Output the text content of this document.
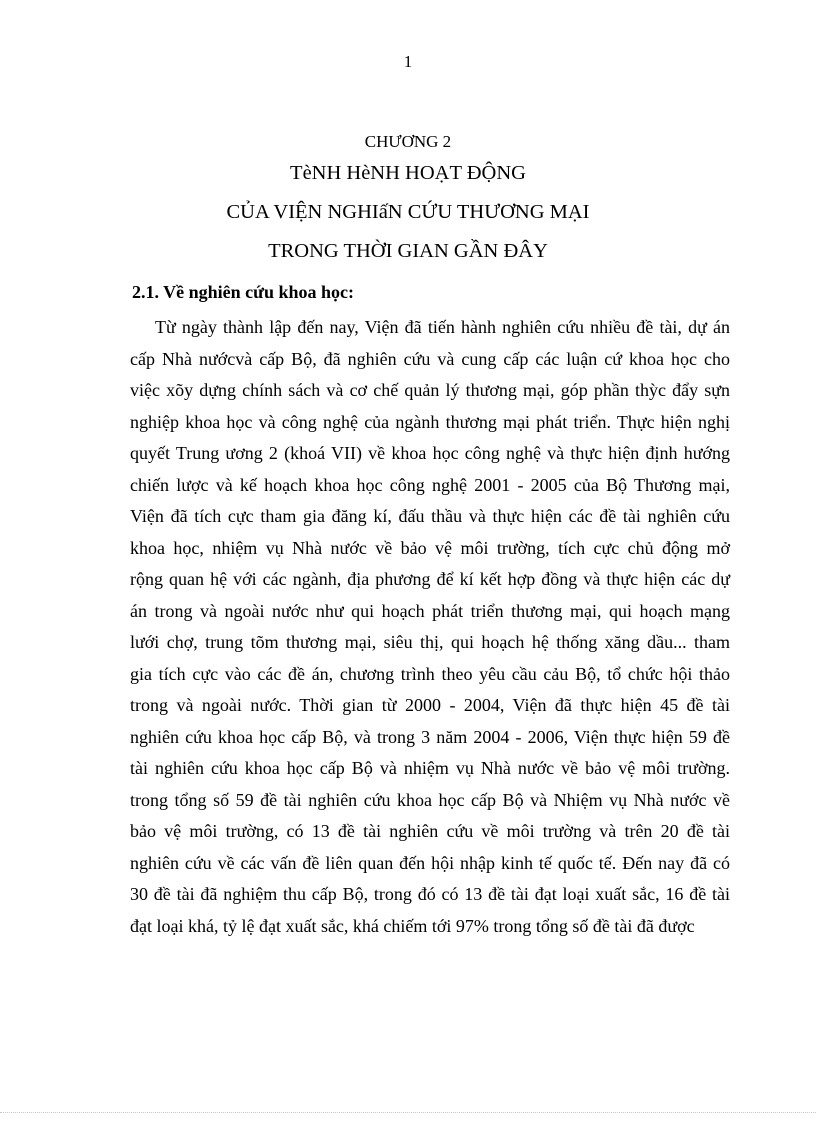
1
CHƯƠNG 2
TèNH HèNH HOẠT ĐỘNG
CỦA VIỆN NGHIấN CỨU THƯƠNG MẠI
TRONG THỜI GIAN GẦN ĐÂY
2.1. Về nghiên cứu khoa học:
Từ ngày thành lập đến nay, Viện đã tiến hành nghiên cứu nhiều đề tài, dự án
cấp Nhà nướcvà cấp Bộ, đã nghiên cứu và cung cấp các luận cứ khoa học cho
việc xõy dựng chính sách và cơ chế quản lý thương mại, góp phần thỳc đẩy sựn
nghiệp khoa học và công nghệ của ngành thương mại phát triển. Thực hiện nghị
quyết Trung ương 2 (khoá VII) về khoa học công nghệ và thực hiện định hướng
chiến lược và kế hoạch khoa học công nghệ 2001 - 2005 của Bộ Thương mại,
Viện đã tích cực tham gia đăng kí, đấu thầu và thực hiện các đề tài nghiên cứu
khoa học, nhiệm vụ Nhà nước về bảo vệ môi trường, tích cực chủ động mở
rộng quan hệ với các ngành, địa phương để kí kết hợp đồng và thực hiện các dự
án trong và ngoài nước như qui hoạch phát triển thương mại, qui hoạch mạng
lưới chợ, trung tõm thương mại, siêu thị, qui hoạch hệ thống xăng dầu... tham
gia tích cực vào các đề án, chương trình theo yêu cầu cảu Bộ, tổ chức hội thảo
trong và ngoài nước. Thời gian từ 2000 - 2004, Viện đã thực hiện 45 đề tài
nghiên cứu khoa học cấp Bộ, và trong 3 năm 2004 - 2006, Viện thực hiện 59 đề
tài nghiên cứu khoa học cấp Bộ và nhiệm vụ Nhà nước về bảo vệ môi trường.
trong tổng số 59 đề tài nghiên cứu khoa học cấp Bộ và Nhiệm vụ Nhà nước về
bảo vệ môi trường, có 13 đề tài nghiên cứu về môi trường và trên 20 đề tài
nghiên cứu về các vấn đề liên quan đến hội nhập kinh tế quốc tế. Đến nay đã có
30 đề tài đã nghiệm thu cấp Bộ, trong đó có 13 đề tài đạt loại xuất sắc, 16 đề tài
đạt loại khá, tỷ lệ đạt xuất sắc, khá chiếm tới 97% trong tổng số đề tài đã được
